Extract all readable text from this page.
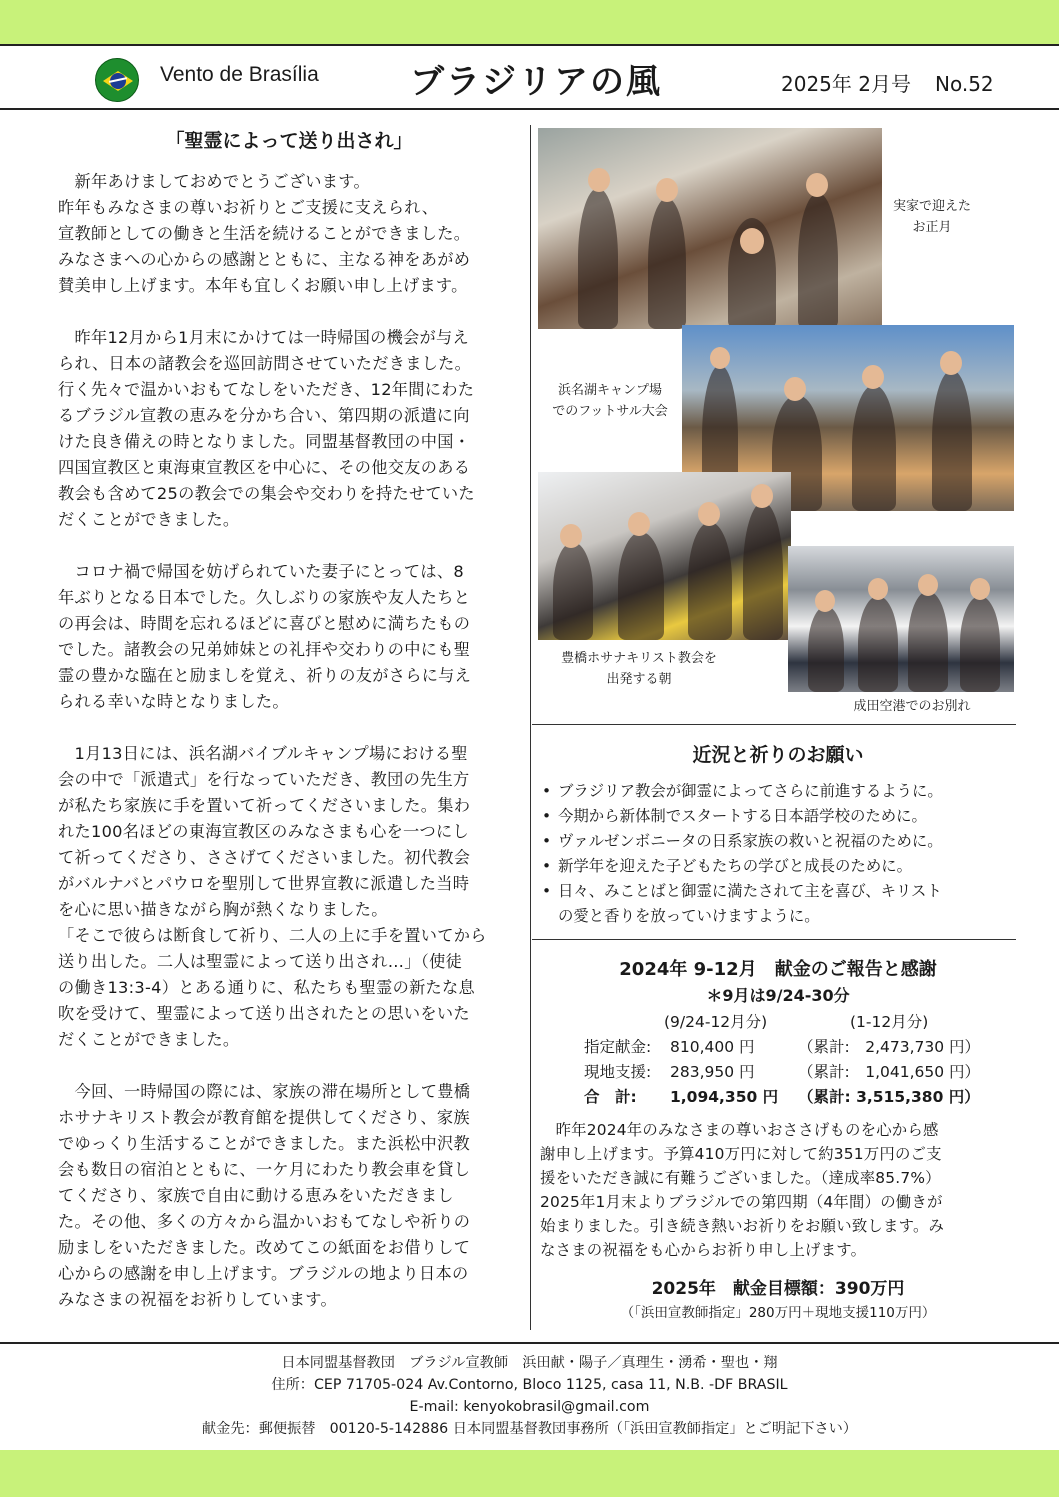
Vento de Brasília	ブラジリアの風	2025年 2月号 No.52
「聖霊によって送り出され」

　新年あけましておめでとうございます。
昨年もみなさまの尊いお祈りとご支援に支えられ、
宣教師としての働きと生活を続けることができました。
みなさまへの心からの感謝とともに、主なる神をあがめ
賛美申し上げます。本年も宜しくお願い申し上げます。

　昨年12月から1月末にかけては一時帰国の機会が与え
られ、日本の諸教会を巡回訪問させていただきました。
行く先々で温かいおもてなしをいただき、12年間にわた
るブラジル宣教の恵みを分かち合い、第四期の派遣に向
けた良き備えの時となりました。同盟基督教団の中国・
四国宣教区と東海東宣教区を中心に、その他交友のある
教会も含めて25の教会での集会や交わりを持たせていた
だくことができました。

　コロナ禍で帰国を妨げられていた妻子にとっては、8
年ぶりとなる日本でした。久しぶりの家族や友人たちと
の再会は、時間を忘れるほどに喜びと慰めに満ちたもの
でした。諸教会の兄弟姉妹との礼拝や交わりの中にも聖
霊の豊かな臨在と励ましを覚え、祈りの友がさらに与え
られる幸いな時となりました。

　1月13日には、浜名湖バイブルキャンプ場における聖
会の中で「派遣式」を行なっていただき、教団の先生方
が私たち家族に手を置いて祈ってくださいました。集わ
れた100名ほどの東海宣教区のみなさまも心を一つにし
て祈ってくださり、ささげてくださいました。初代教会
がバルナバとパウロを聖別して世界宣教に派遣した当時
を心に思い描きながら胸が熱くなりました。
「そこで彼らは断食して祈り、二人の上に手を置いてから
送り出した。二人は聖霊によって送り出され…」（使徒
の働き13:3-4）とある通りに、私たちも聖霊の新たな息
吹を受けて、聖霊によって送り出されたとの思いをいた
だくことができました。

　今回、一時帰国の際には、家族の滞在場所として豊橋
ホサナキリスト教会が教育館を提供してくださり、家族
でゆっくり生活することができました。また浜松中沢教
会も数日の宿泊とともに、一ケ月にわたり教会車を貸し
てくださり、家族で自由に動ける恵みをいただきまし
た。その他、多くの方々から温かいおもてなしや祈りの
励ましをいただきました。改めてこの紙面をお借りして
心からの感謝を申し上げます。ブラジルの地より日本の
みなさまの祝福をお祈りしています。

実家で迎えた
お正月
浜名湖キャンプ場
でのフットサル大会
豊橋ホサナキリスト教会を
出発する朝
成田空港でのお別れ
近況と祈りのお願い
• ブラジリア教会が御霊によってさらに前進するように。
• 今期から新体制でスタートする日本語学校のために。
• ヴァルゼンボニータの日系家族の救いと祝福のために。
• 新学年を迎えた子どもたちの学びと成長のために。
• 日々、みことばと御霊に満たされて主を喜び、キリスト
の愛と香りを放っていけますように。
2024年 9-12月　献金のご報告と感謝
＊9月は9/24-30分
(9/24-12月分)	(1-12月分)
指定献金: 810,400 円	（累計:　2,473,730 円）
現地支援: 283,950 円	（累計:　1,041,650 円）
合　計: 1,094,350 円 （累計: 3,515,380 円）

　昨年2024年のみなさまの尊いおささげものを心から感
謝申し上げます。予算410万円に対して約351万円のご支
援をいただき誠に有難うございました。（達成率85.7%）
2025年1月末よりブラジルでの第四期（4年間）の働きが
始まりました。引き続き熱いお祈りをお願い致します。み
なさまの祝福をも心からお祈り申し上げます。

2025年　献金目標額：390万円
（「浜田宣教師指定」280万円＋現地支援110万円）
日本同盟基督教団　ブラジル宣教師　浜田献・陽子／真理生・湧希・聖也・翔
住所：CEP 71705-024 Av.Contorno, Bloco 1125, casa 11, N.B. -DF BRASIL
E-mail: kenyokobrasil@gmail.com
献金先：郵便振替　00120-5-142886 日本同盟基督教団事務所（「浜田宣教師指定」とご明記下さい）
